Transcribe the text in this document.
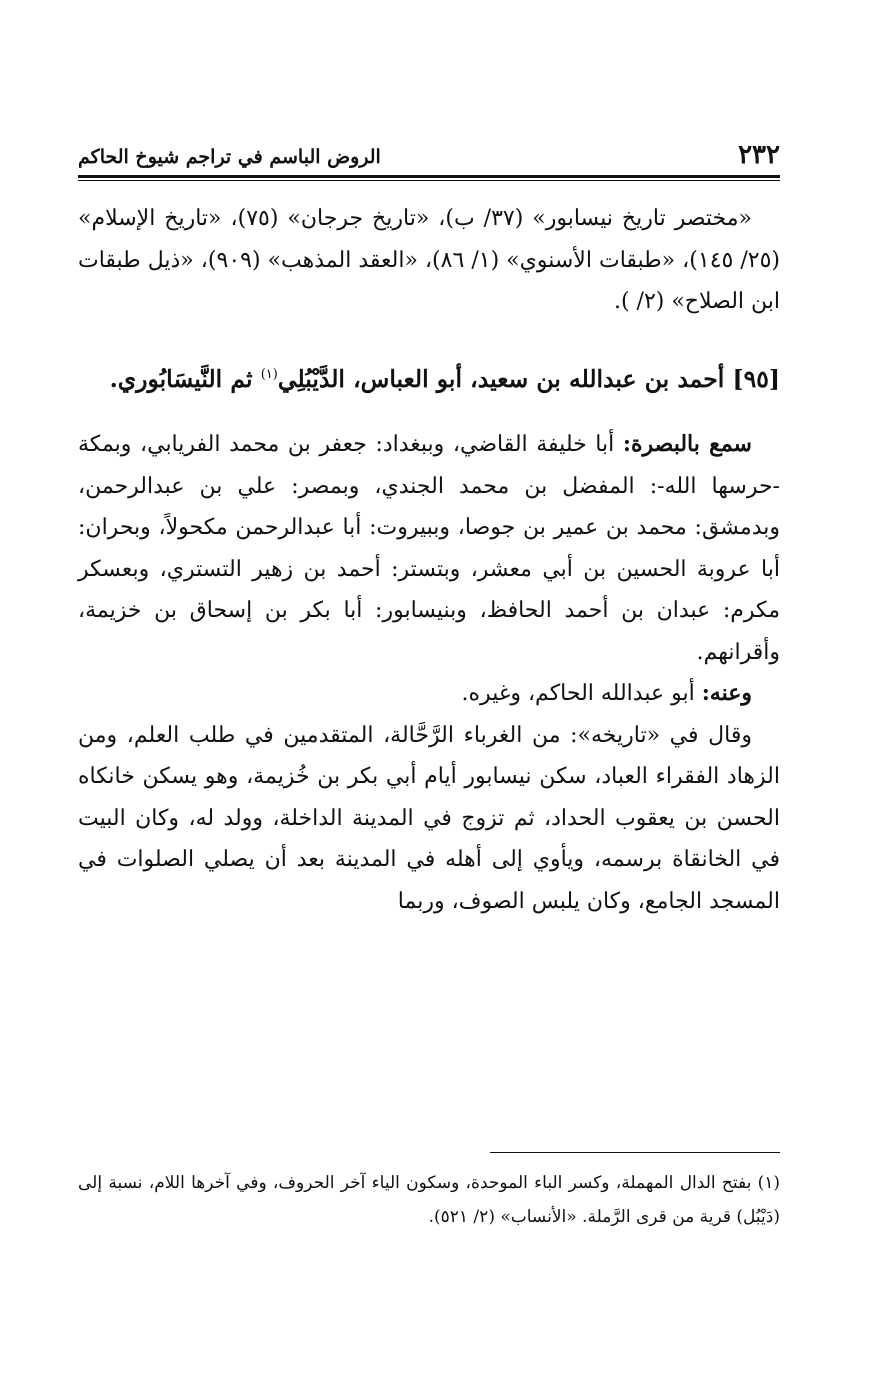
٢٣٢
الروض الباسم في تراجم شيوخ الحاكم

«مختصر تاريخ نيسابور» (٣٧/ ب)، «تاريخ جرجان» (٧٥)، «تاريخ الإسلام» (٢٥/ ١٤٥)، «طبقات الأسنوي» (١/ ٨٦)، «العقد المذهب» (٩٠٩)، «ذيل طبقات ابن الصلاح» (٢/ ).

[٩٥] أحمد بن عبدالله بن سعيد، أبو العباس، الدَّيْبُلِي$^{(١)}$ ثم النَّيسَابُوري.

سمع بالبصرة: أبا خليفة القاضي، وببغداد: جعفر بن محمد الفريابي، وبمكة -حرسها الله-: المفضل بن محمد الجندي، وبمصر: علي بن عبدالرحمن، وبدمشق: محمد بن عمير بن جوصا، وببيروت: أبا عبدالرحمن مكحولاً، وبحران: أبا عروبة الحسين بن أبي معشر، وبتستر: أحمد بن زهير التستري، وبعسكر مكرم: عبدان بن أحمد الحافظ، وبنيسابور: أبا بكر بن إسحاق بن خزيمة، وأقرانهم.

وعنه: أبو عبدالله الحاكم، وغيره.

وقال في «تاريخه»: من الغرباء الرَّحَّالة، المتقدمين في طلب العلم، ومن الزهاد الفقراء العباد، سكن نيسابور أيام أبي بكر بن خُزيمة، وهو يسكن خانكاه الحسن بن يعقوب الحداد، ثم تزوج في المدينة الداخلة، وولد له، وكان البيت في الخانقاة برسمه، ويأوي إلى أهله في المدينة بعد أن يصلي الصلوات في المسجد الجامع، وكان يلبس الصوف، وربما

(١) بفتح الدال المهملة، وكسر الباء الموحدة، وسكون الياء آخر الحروف، وفي آخرها اللام، نسبة إلى (دَيْبُل) قرية من قرى الرَّملة. «الأنساب» (٢/ ٥٢١).
